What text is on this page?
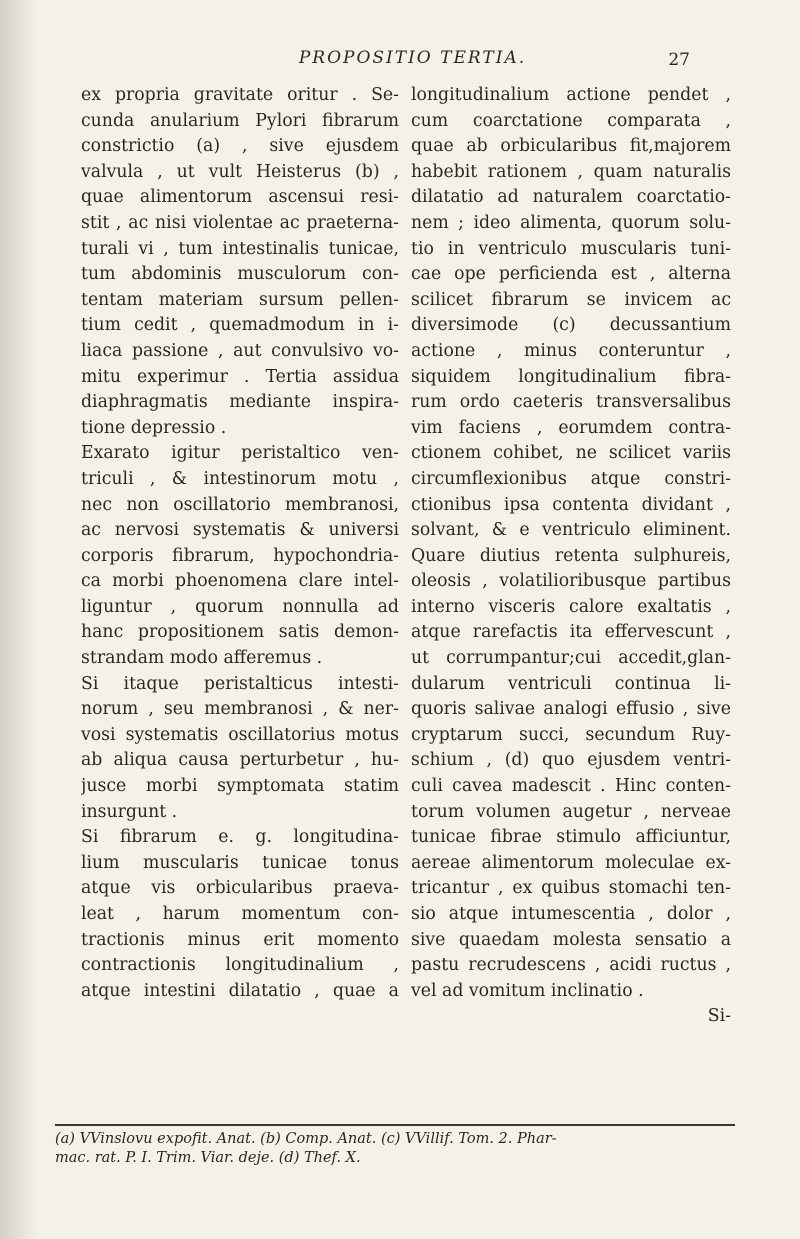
PROPOSITIO TERTIA.	27
ex propria gravitate oritur . Se-
cunda anularium Pylori fibrarum
constrictio (a) , sive ejusdem
valvula , ut vult Heisterus (b) ,
quae alimentorum ascensui resi-
stit , ac nisi violentae ac praeterna-
turali vi , tum intestinalis tunicae,
tum abdominis musculorum con-
tentam materiam sursum pellen-
tium cedit , quemadmodum in i-
liaca passione , aut convulsivo vo-
mitu experimur . Tertia assidua
diaphragmatis mediante inspira-
tione depressio .
Exarato igitur peristaltico ven-
triculi , & intestinorum motu ,
nec non oscillatorio membranosi,
ac nervosi systematis & universi
corporis fibrarum, hypochondria-
ca morbi phoenomena clare intel-
liguntur , quorum nonnulla ad
hanc propositionem satis demon-
strandam modo afferemus .
Si itaque peristalticus intesti-
norum , seu membranosi , & ner-
vosi systematis oscillatorius motus
ab aliqua causa perturbetur , hu-
jusce morbi symptomata statim
insurgunt .
Si fibrarum e. g. longitudina-
lium muscularis tunicae tonus
atque vis orbicularibus praeva-
leat , harum momentum con-
tractionis minus erit momento
contractionis longitudinalium ,
atque intestini dilatatio , quae a
longitudinalium actione pendet ,
cum coarctatione comparata ,
quae ab orbicularibus fit,majorem
habebit rationem , quam naturalis
dilatatio ad naturalem coarctatio-
nem ; ideo alimenta, quorum solu-
tio in ventriculo muscularis tuni-
cae ope perficienda est , alterna
scilicet fibrarum se invicem ac
diversimode (c) decussantium
actione , minus conteruntur ,
siquidem longitudinalium fibra-
rum ordo caeteris transversalibus
vim faciens , eorumdem contra-
ctionem cohibet, ne scilicet variis
circumflexionibus atque constri-
ctionibus ipsa contenta dividant ,
solvant, & e ventriculo eliminent.
Quare diutius retenta sulphureis,
oleosis , volatilioribusque partibus
interno visceris calore exaltatis ,
atque rarefactis ita effervescunt ,
ut corrumpantur;cui accedit,glan-
dularum ventriculi continua li-
quoris salivae analogi effusio , sive
cryptarum succi, secundum Ruy-
schium , (d) quo ejusdem ventri-
culi cavea madescit . Hinc conten-
torum volumen augetur , nerveae
tunicae fibrae stimulo afficiuntur,
aereae alimentorum moleculae ex-
tricantur , ex quibus stomachi ten-
sio atque intumescentia , dolor ,
sive quaedam molesta sensatio a
pastu recrudescens , acidi ructus ,
vel ad vomitum inclinatio .
Si-
(a) VVinslovu expofit. Anat. (b) Comp. Anat. (c) VVillif. Tom. 2. Phar-
mac. rat. P. I. Trim. Viar. deje. (d) Thef. X.
